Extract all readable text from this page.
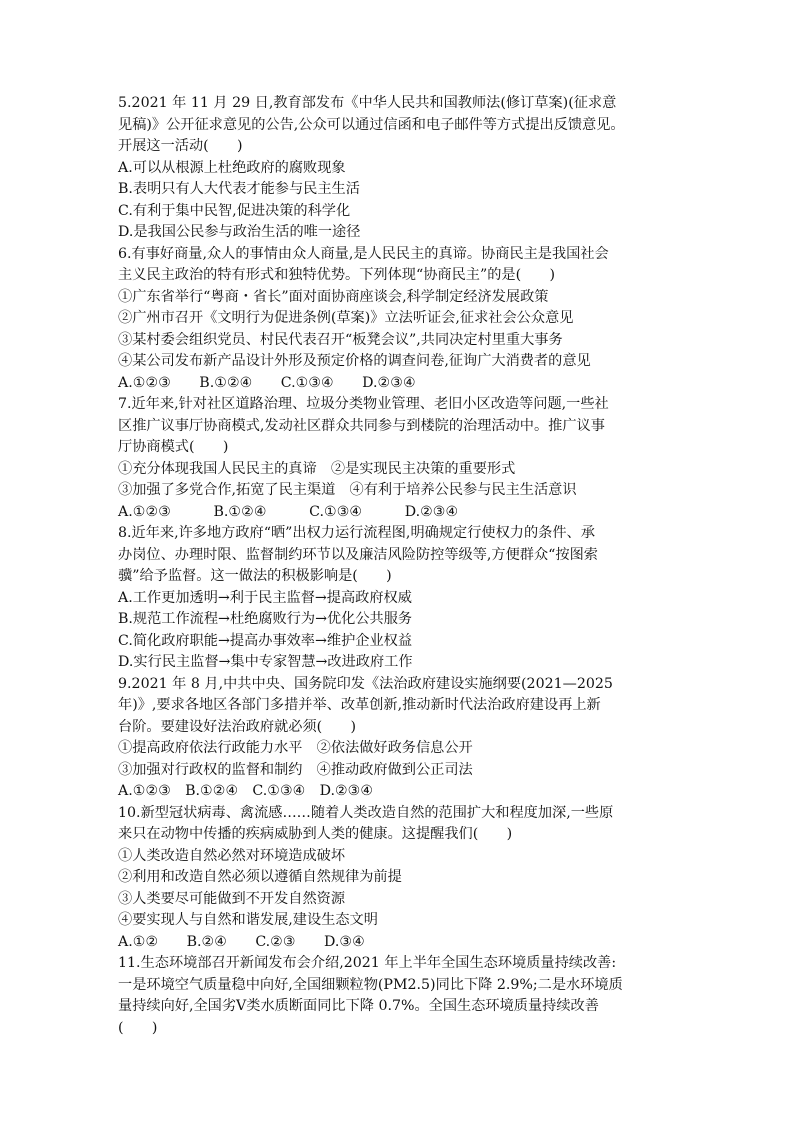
5.2021 年 11 月 29 日,教育部发布《中华人民共和国教师法(修订草案)(征求意
见稿)》公开征求意见的公告,公众可以通过信函和电子邮件等方式提出反馈意见。
开展这一活动(　　)
A.可以从根源上杜绝政府的腐败现象
B.表明只有人大代表才能参与民主生活
C.有利于集中民智,促进决策的科学化
D.是我国公民参与政治生活的唯一途径
6.有事好商量,众人的事情由众人商量,是人民民主的真谛。协商民主是我国社会
主义民主政治的特有形式和独特优势。下列体现“协商民主”的是(　　)
①广东省举行“粤商・省长”面对面协商座谈会,科学制定经济发展政策
②广州市召开《文明行为促进条例(草案)》立法听证会,征求社会公众意见
③某村委会组织党员、村民代表召开“板凳会议”,共同决定村里重大事务
④某公司发布新产品设计外形及预定价格的调查问卷,征询广大消费者的意见
A.①②③　　B.①②④　　C.①③④　　D.②③④
7.近年来,针对社区道路治理、垃圾分类物业管理、老旧小区改造等问题,一些社
区推广议事厅协商模式,发动社区群众共同参与到楼院的治理活动中。推广议事
厅协商模式(　　)
①充分体现我国人民民主的真谛　②是实现民主决策的重要形式
③加强了多党合作,拓宽了民主渠道　④有利于培养公民参与民主生活意识
A.①②③　　　B.①②④　　　C.①③④　　　D.②③④
8.近年来,许多地方政府“晒”出权力运行流程图,明确规定行使权力的条件、承
办岗位、办理时限、监督制约环节以及廉洁风险防控等级等,方便群众“按图索
骥”给予监督。这一做法的积极影响是(　　)
A.工作更加透明→利于民主监督→提高政府权威
B.规范工作流程→杜绝腐败行为→优化公共服务
C.简化政府职能→提高办事效率→维护企业权益
D.实行民主监督→集中专家智慧→改进政府工作
9.2021 年 8 月,中共中央、国务院印发《法治政府建设实施纲要(2021—2025
年)》,要求各地区各部门多措并举、改革创新,推动新时代法治政府建设再上新
台阶。要建设好法治政府就必须(　　)
①提高政府依法行政能力水平　②依法做好政务信息公开
③加强对行政权的监督和制约　④推动政府做到公正司法
A.①②③　B.①②④　C.①③④　D.②③④
10.新型冠状病毒、禽流感……随着人类改造自然的范围扩大和程度加深,一些原
来只在动物中传播的疾病威胁到人类的健康。这提醒我们(　　)
①人类改造自然必然对环境造成破坏
②利用和改造自然必须以遵循自然规律为前提
③人类要尽可能做到不开发自然资源
④要实现人与自然和谐发展,建设生态文明
A.①②　　B.②④　　C.②③　　D.③④
11.生态环境部召开新闻发布会介绍,2021 年上半年全国生态环境质量持续改善:
一是环境空气质量稳中向好,全国细颗粒物(PM2.5)同比下降 2.9%;二是水环境质
量持续向好,全国劣Ⅴ类水质断面同比下降 0.7%。全国生态环境质量持续改善
(　　)
